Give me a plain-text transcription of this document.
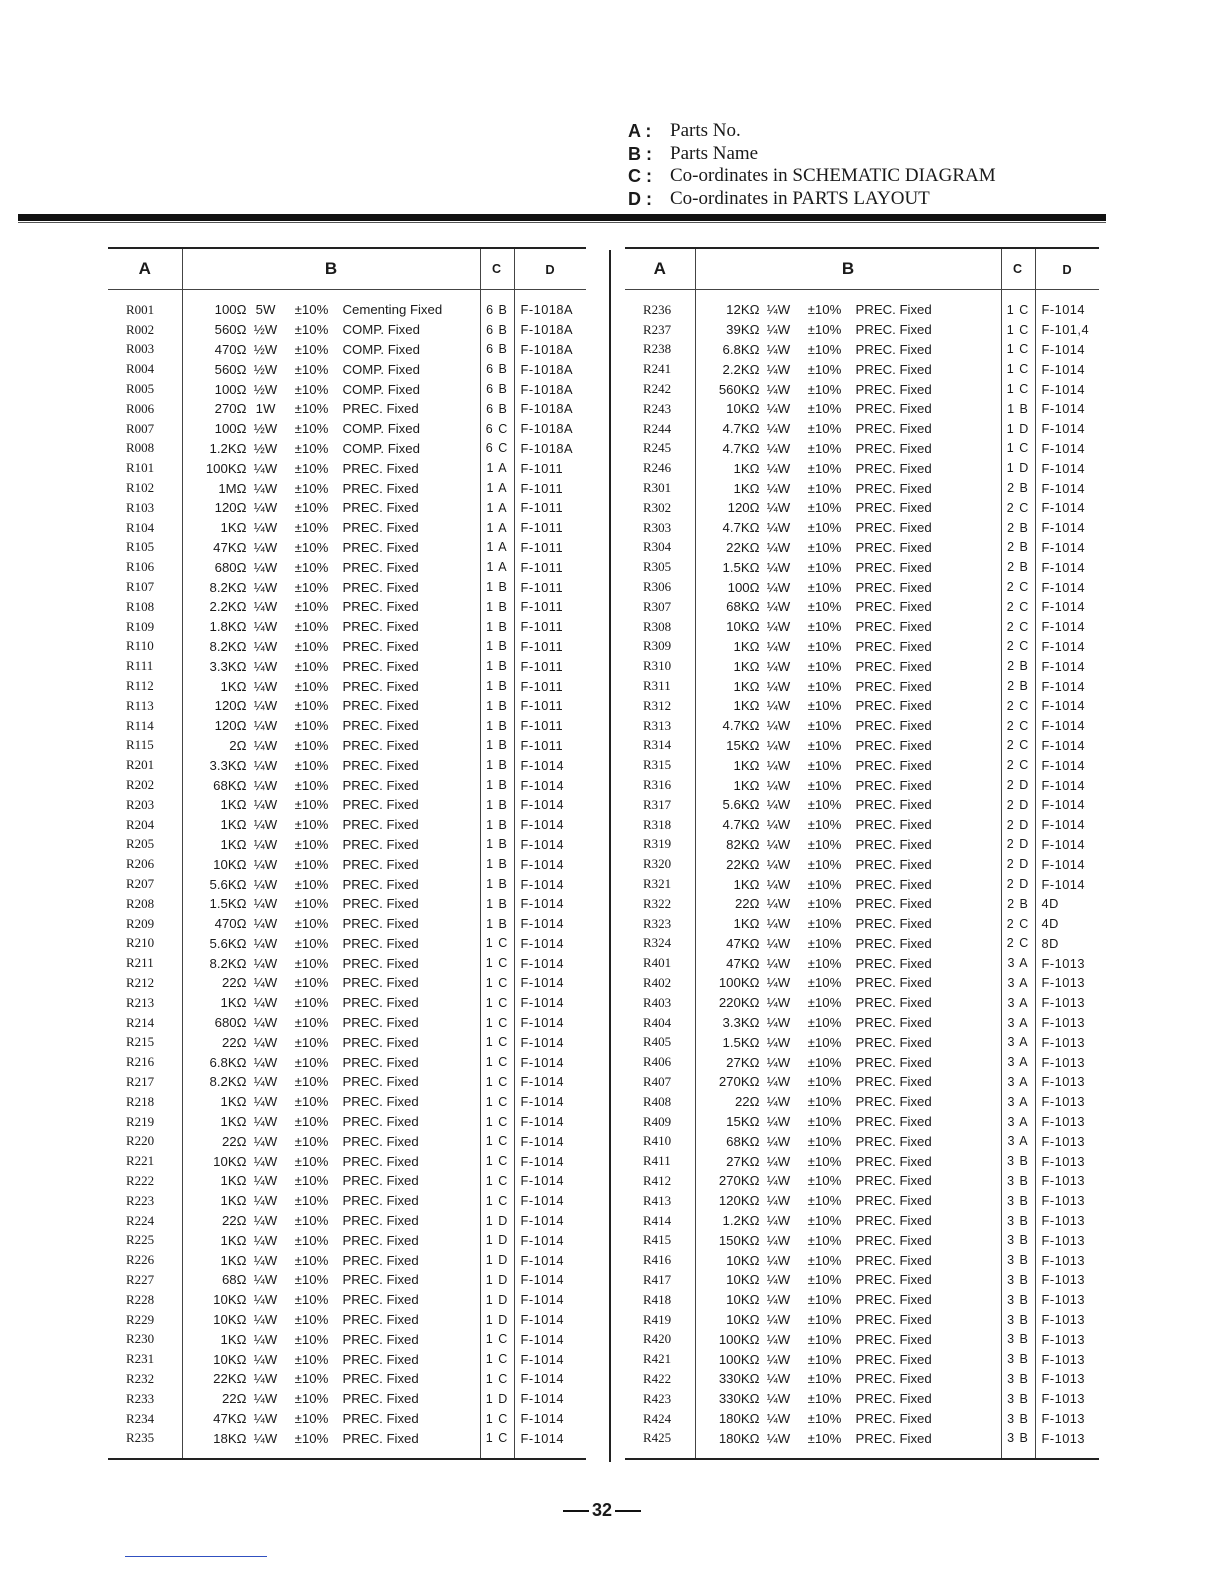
A : Parts No.
B : Parts Name
C : Co-ordinates in SCHEMATIC DIAGRAM
D : Co-ordinates in PARTS LAYOUT
A	B	C	D
R001	100Ω 5W ±10% Cementing Fixed	6 B	F-1018A
R002	560Ω ½W ±10% COMP. Fixed	6 B	F-1018A
R003	470Ω ½W ±10% COMP. Fixed	6 B	F-1018A
R004	560Ω ½W ±10% COMP. Fixed	6 B	F-1018A
R005	100Ω ½W ±10% COMP. Fixed	6 B	F-1018A
R006	270Ω 1W ±10% PREC. Fixed	6 B	F-1018A
R007	100Ω ½W ±10% COMP. Fixed	6 C	F-1018A
R008	1.2KΩ ½W ±10% COMP. Fixed	6 C	F-1018A
R101	100KΩ ¼W ±10% PREC. Fixed	1 A	F-1011
R102	1MΩ ¼W ±10% PREC. Fixed	1 A	F-1011
R103	120Ω ¼W ±10% PREC. Fixed	1 A	F-1011
R104	1KΩ ¼W ±10% PREC. Fixed	1 A	F-1011
R105	47KΩ ¼W ±10% PREC. Fixed	1 A	F-1011
R106	680Ω ¼W ±10% PREC. Fixed	1 A	F-1011
R107	8.2KΩ ¼W ±10% PREC. Fixed	1 B	F-1011
R108	2.2KΩ ¼W ±10% PREC. Fixed	1 B	F-1011
R109	1.8KΩ ¼W ±10% PREC. Fixed	1 B	F-1011
R110	8.2KΩ ¼W ±10% PREC. Fixed	1 B	F-1011
R111	3.3KΩ ¼W ±10% PREC. Fixed	1 B	F-1011
R112	1KΩ ¼W ±10% PREC. Fixed	1 B	F-1011
R113	120Ω ¼W ±10% PREC. Fixed	1 B	F-1011
R114	120Ω ¼W ±10% PREC. Fixed	1 B	F-1011
R115	2Ω ¼W ±10% PREC. Fixed	1 B	F-1011
R201	3.3KΩ ¼W ±10% PREC. Fixed	1 B	F-1014
R202	68KΩ ¼W ±10% PREC. Fixed	1 B	F-1014
R203	1KΩ ¼W ±10% PREC. Fixed	1 B	F-1014
R204	1KΩ ¼W ±10% PREC. Fixed	1 B	F-1014
R205	1KΩ ¼W ±10% PREC. Fixed	1 B	F-1014
R206	10KΩ ¼W ±10% PREC. Fixed	1 B	F-1014
R207	5.6KΩ ¼W ±10% PREC. Fixed	1 B	F-1014
R208	1.5KΩ ¼W ±10% PREC. Fixed	1 B	F-1014
R209	470Ω ¼W ±10% PREC. Fixed	1 B	F-1014
R210	5.6KΩ ¼W ±10% PREC. Fixed	1 C	F-1014
R211	8.2KΩ ¼W ±10% PREC. Fixed	1 C	F-1014
R212	22Ω ¼W ±10% PREC. Fixed	1 C	F-1014
R213	1KΩ ¼W ±10% PREC. Fixed	1 C	F-1014
R214	680Ω ¼W ±10% PREC. Fixed	1 C	F-1014
R215	22Ω ¼W ±10% PREC. Fixed	1 C	F-1014
R216	6.8KΩ ¼W ±10% PREC. Fixed	1 C	F-1014
R217	8.2KΩ ¼W ±10% PREC. Fixed	1 C	F-1014
R218	1KΩ ¼W ±10% PREC. Fixed	1 C	F-1014
R219	1KΩ ¼W ±10% PREC. Fixed	1 C	F-1014
R220	22Ω ¼W ±10% PREC. Fixed	1 C	F-1014
R221	10KΩ ¼W ±10% PREC. Fixed	1 C	F-1014
R222	1KΩ ¼W ±10% PREC. Fixed	1 C	F-1014
R223	1KΩ ¼W ±10% PREC. Fixed	1 C	F-1014
R224	22Ω ¼W ±10% PREC. Fixed	1 D	F-1014
R225	1KΩ ¼W ±10% PREC. Fixed	1 D	F-1014
R226	1KΩ ¼W ±10% PREC. Fixed	1 D	F-1014
R227	68Ω ¼W ±10% PREC. Fixed	1 D	F-1014
R228	10KΩ ¼W ±10% PREC. Fixed	1 D	F-1014
R229	10KΩ ¼W ±10% PREC. Fixed	1 D	F-1014
R230	1KΩ ¼W ±10% PREC. Fixed	1 C	F-1014
R231	10KΩ ¼W ±10% PREC. Fixed	1 C	F-1014
R232	22KΩ ¼W ±10% PREC. Fixed	1 C	F-1014
R233	22Ω ¼W ±10% PREC. Fixed	1 D	F-1014
R234	47KΩ ¼W ±10% PREC. Fixed	1 C	F-1014
R235	18KΩ ¼W ±10% PREC. Fixed	1 C	F-1014
A	B	C	D
R236	12KΩ ¼W ±10% PREC. Fixed	1 C	F-1014
R237	39KΩ ¼W ±10% PREC. Fixed	1 C	F-101,4
R238	6.8KΩ ¼W ±10% PREC. Fixed	1 C	F-1014
R241	2.2KΩ ¼W ±10% PREC. Fixed	1 C	F-1014
R242	560KΩ ¼W ±10% PREC. Fixed	1 C	F-1014
R243	10KΩ ¼W ±10% PREC. Fixed	1 B	F-1014
R244	4.7KΩ ¼W ±10% PREC. Fixed	1 D	F-1014
R245	4.7KΩ ¼W ±10% PREC. Fixed	1 C	F-1014
R246	1KΩ ¼W ±10% PREC. Fixed	1 D	F-1014
R301	1KΩ ¼W ±10% PREC. Fixed	2 B	F-1014
R302	120Ω ¼W ±10% PREC. Fixed	2 C	F-1014
R303	4.7KΩ ¼W ±10% PREC. Fixed	2 B	F-1014
R304	22KΩ ¼W ±10% PREC. Fixed	2 B	F-1014
R305	1.5KΩ ¼W ±10% PREC. Fixed	2 B	F-1014
R306	100Ω ¼W ±10% PREC. Fixed	2 C	F-1014
R307	68KΩ ¼W ±10% PREC. Fixed	2 C	F-1014
R308	10KΩ ¼W ±10% PREC. Fixed	2 C	F-1014
R309	1KΩ ¼W ±10% PREC. Fixed	2 C	F-1014
R310	1KΩ ¼W ±10% PREC. Fixed	2 B	F-1014
R311	1KΩ ¼W ±10% PREC. Fixed	2 B	F-1014
R312	1KΩ ¼W ±10% PREC. Fixed	2 C	F-1014
R313	4.7KΩ ¼W ±10% PREC. Fixed	2 C	F-1014
R314	15KΩ ¼W ±10% PREC. Fixed	2 C	F-1014
R315	1KΩ ¼W ±10% PREC. Fixed	2 C	F-1014
R316	1KΩ ¼W ±10% PREC. Fixed	2 D	F-1014
R317	5.6KΩ ¼W ±10% PREC. Fixed	2 D	F-1014
R318	4.7KΩ ¼W ±10% PREC. Fixed	2 D	F-1014
R319	82KΩ ¼W ±10% PREC. Fixed	2 D	F-1014
R320	22KΩ ¼W ±10% PREC. Fixed	2 D	F-1014
R321	1KΩ ¼W ±10% PREC. Fixed	2 D	F-1014
R322	22Ω ¼W ±10% PREC. Fixed	2 B	4D
R323	1KΩ ¼W ±10% PREC. Fixed	2 C	4D
R324	47KΩ ¼W ±10% PREC. Fixed	2 C	8D
R401	47KΩ ¼W ±10% PREC. Fixed	3 A	F-1013
R402	100KΩ ¼W ±10% PREC. Fixed	3 A	F-1013
R403	220KΩ ¼W ±10% PREC. Fixed	3 A	F-1013
R404	3.3KΩ ¼W ±10% PREC. Fixed	3 A	F-1013
R405	1.5KΩ ¼W ±10% PREC. Fixed	3 A	F-1013
R406	27KΩ ¼W ±10% PREC. Fixed	3 A	F-1013
R407	270KΩ ¼W ±10% PREC. Fixed	3 A	F-1013
R408	22Ω ¼W ±10% PREC. Fixed	3 A	F-1013
R409	15KΩ ¼W ±10% PREC. Fixed	3 A	F-1013
R410	68KΩ ¼W ±10% PREC. Fixed	3 A	F-1013
R411	27KΩ ¼W ±10% PREC. Fixed	3 B	F-1013
R412	270KΩ ¼W ±10% PREC. Fixed	3 B	F-1013
R413	120KΩ ¼W ±10% PREC. Fixed	3 B	F-1013
R414	1.2KΩ ¼W ±10% PREC. Fixed	3 B	F-1013
R415	150KΩ ¼W ±10% PREC. Fixed	3 B	F-1013
R416	10KΩ ¼W ±10% PREC. Fixed	3 B	F-1013
R417	10KΩ ¼W ±10% PREC. Fixed	3 B	F-1013
R418	10KΩ ¼W ±10% PREC. Fixed	3 B	F-1013
R419	10KΩ ¼W ±10% PREC. Fixed	3 B	F-1013
R420	100KΩ ¼W ±10% PREC. Fixed	3 B	F-1013
R421	100KΩ ¼W ±10% PREC. Fixed	3 B	F-1013
R422	330KΩ ¼W ±10% PREC. Fixed	3 B	F-1013
R423	330KΩ ¼W ±10% PREC. Fixed	3 B	F-1013
R424	180KΩ ¼W ±10% PREC. Fixed	3 B	F-1013
R425	180KΩ ¼W ±10% PREC. Fixed	3 B	F-1013
32
